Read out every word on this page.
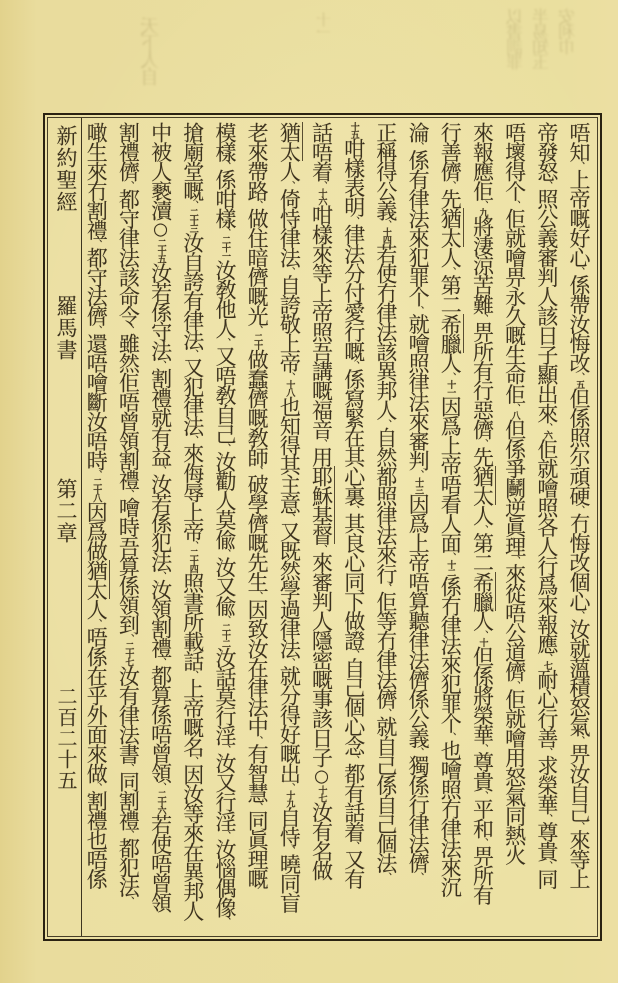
天下人自	十一	以書訓罪 半易知玉 安利巾
新約聖經
羅馬書
第二章
二百二十五
唔知、上帝嘅好心、係帶汝悔改、五但係照尔頑硬、冇悔改個心、汝就薀積怒氣、畀汝自己、來等上
帝發怒、照公義審判人該日子顯出來、六佢就噲照各人行爲來報應、七耐心行善、求榮華、尊貴、同
唔壞得个、佢就噲畀永久嘅生命佢、八但係爭鬭逆眞理、來從唔公道儕、佢就噲用怒氣同熱火
來報應佢、九將淒涼苦難、畀所有行惡儕、先猶太人、第二希臘人、十但係將榮華、尊貴、平和、畀所有
行善儕、先猶太人、第二希臘人、十一因爲上帝唔看人面、十二係冇律法來犯罪个、也噲照冇律法來沉
淪、係有律法來犯罪个、就噲照律法來審判、十三因爲上帝唔算聽律法儕係公義、獨係行律法儕、
正稱得公義、十四若使冇律法該異邦人、自然都照律法來行、佢等冇律法儕、就自己係自己個法、
十五咁樣表明、律法分付愛行嘅、係寫緊在其心裏、其良心同下做證、自己個心念、都有話着、又有
話唔着、十六咁樣來等上帝照吾講嘅福音、用耶穌基督、來審判人隱密嘅事該日子○十七汝有名做
猶太人、倚恃律法、自誇敬上帝、十八也知得其主意、又既然學過律法、就分得好嘅出、十九自恃、曉同盲
老來帶路、做住暗儕嘅光、二十做蠢儕嘅敎師、破學儕嘅先生、因致汝在律法中、有智慧、同眞理嘅
模樣、係咁樣、二十一汝敎他人、又唔敎自己、汝勸人莫偸、汝又偸、二十二汝話莫行淫、汝又行淫、汝惱偶像、
搶廟堂嘅、二十三汝自誇有律法、又犯律法、來侮辱上帝、二十四照書所載話、上帝嘅名、因汝等來在異邦人
中被人褻瀆○二十五汝若係守法、割禮就有益、汝若係犯法、汝領割禮、都算係唔曾領、二十六若使唔曾領
割禮儕、都守律法該命令、雖然佢唔曾領割禮、噲時吾算係領到、二十七汝有律法書、同割禮、都犯法、
噉生來冇割禮、都守法儕、還唔噲斷汝唔時、二十八因爲做猶太人、唔係在乎外面來做、割禮也唔係
